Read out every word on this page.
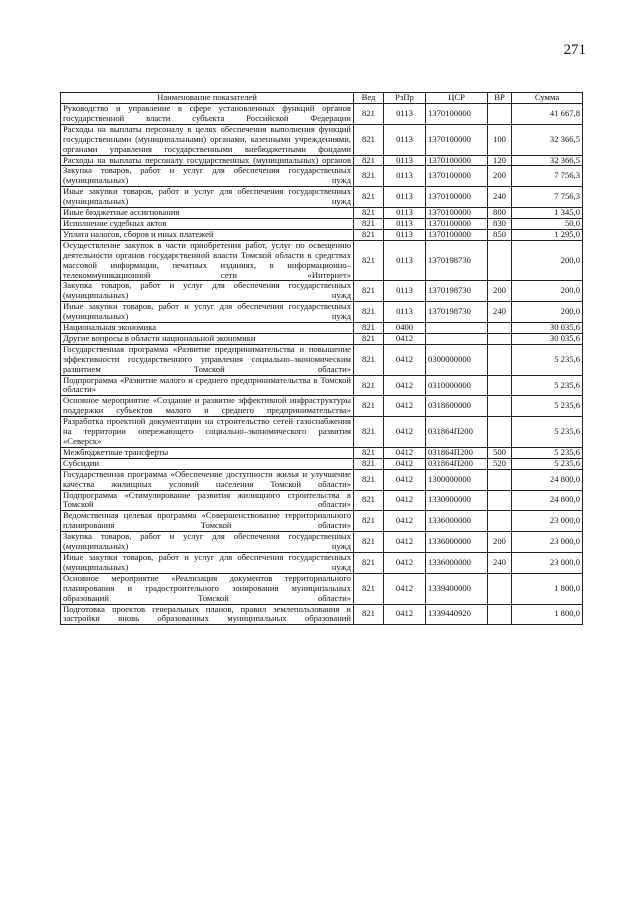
271
Наименование показателей	Вед	РзПр	ЦСР	ВР	Сумма
Руководство и управление в сфере установленных функций органов государственной власти субъекта Российской Федерации	821	0113	1370100000		41 667,8
Расходы на выплаты персоналу в целях обеспечения выполнения функций государственными (муниципальными) органами, казенными учреждениями, органами управления государственными внебюджетными фондами	821	0113	1370100000	100	32 366,5
Расходы на выплаты персоналу государственных (муниципальных) органов	821	0113	1370100000	120	32 366,5
Закупка товаров, работ и услуг для обеспечения государственных (муниципальных) нужд	821	0113	1370100000	200	7 756,3
Иные закупки товаров, работ и услуг для обеспечения государственных (муниципальных) нужд	821	0113	1370100000	240	7 756,3
Иные бюджетные ассигнования	821	0113	1370100000	800	1 345,0
Исполнение судебных актов	821	0113	1370100000	830	50,0
Уплата налогов, сборов и иных платежей	821	0113	1370100000	850	1 295,0
Осуществление закупок в части приобретения работ, услуг по освещению деятельности органов государственной власти Томской области в средствах массовой информации, печатных изданиях, в информационно–телекоммуникационной сети «Интернет»	821	0113	1370198730		200,0
Закупка товаров, работ и услуг для обеспечения государственных (муниципальных) нужд	821	0113	1370198730	200	200,0
Иные закупки товаров, работ и услуг для обеспечения государственных (муниципальных) нужд	821	0113	1370198730	240	200,0
Национальная экономика	821	0400			30 035,6
Другие вопросы в области национальной экономики	821	0412			30 035,6
Государственная программа «Развитие предпринимательства и повышение эффективности государственного управления социально–экономическим развитием Томской области»	821	0412	0300000000		5 235,6
Подпрограмма «Развитие малого и среднего предпринимательства в Томской области»	821	0412	0310000000		5 235,6
Основное мероприятие «Создание и развитие эффективной инфраструктуры поддержки субъектов малого и среднего предпринимательства»	821	0412	0318600000		5 235,6
Разработка проектной документации на строительство сетей газоснабжения на территории опережающего социально–экономического развития «Северск»	821	0412	031864П200		5 235,6
Межбюджетные трансферты	821	0412	031864П200	500	5 235,6
Субсидии	821	0412	031864П200	520	5 235,6
Государственная программа «Обеспечение доступности жилья и улучшение качества жилищных условий населения Томской области»	821	0412	1300000000		24 800,0
Подпрограмма «Стимулирование развития жилищного строительства в Томской области»	821	0412	1330000000		24 800,0
Ведомственная целевая программа «Совершенствование территориального планирования Томской области»	821	0412	1336000000		23 000,0
Закупка товаров, работ и услуг для обеспечения государственных (муниципальных) нужд	821	0412	1336000000	200	23 000,0
Иные закупки товаров, работ и услуг для обеспечения государственных (муниципальных) нужд	821	0412	1336000000	240	23 000,0
Основное мероприятие «Реализация документов территориального планирования и градостроительного зонирования муниципальных образований Томской области»	821	0412	1339400000		1 800,0
Подготовка проектов генеральных планов, правил землепользования и застройки вновь образованных муниципальных образований	821	0412	1339440920		1 800,0
